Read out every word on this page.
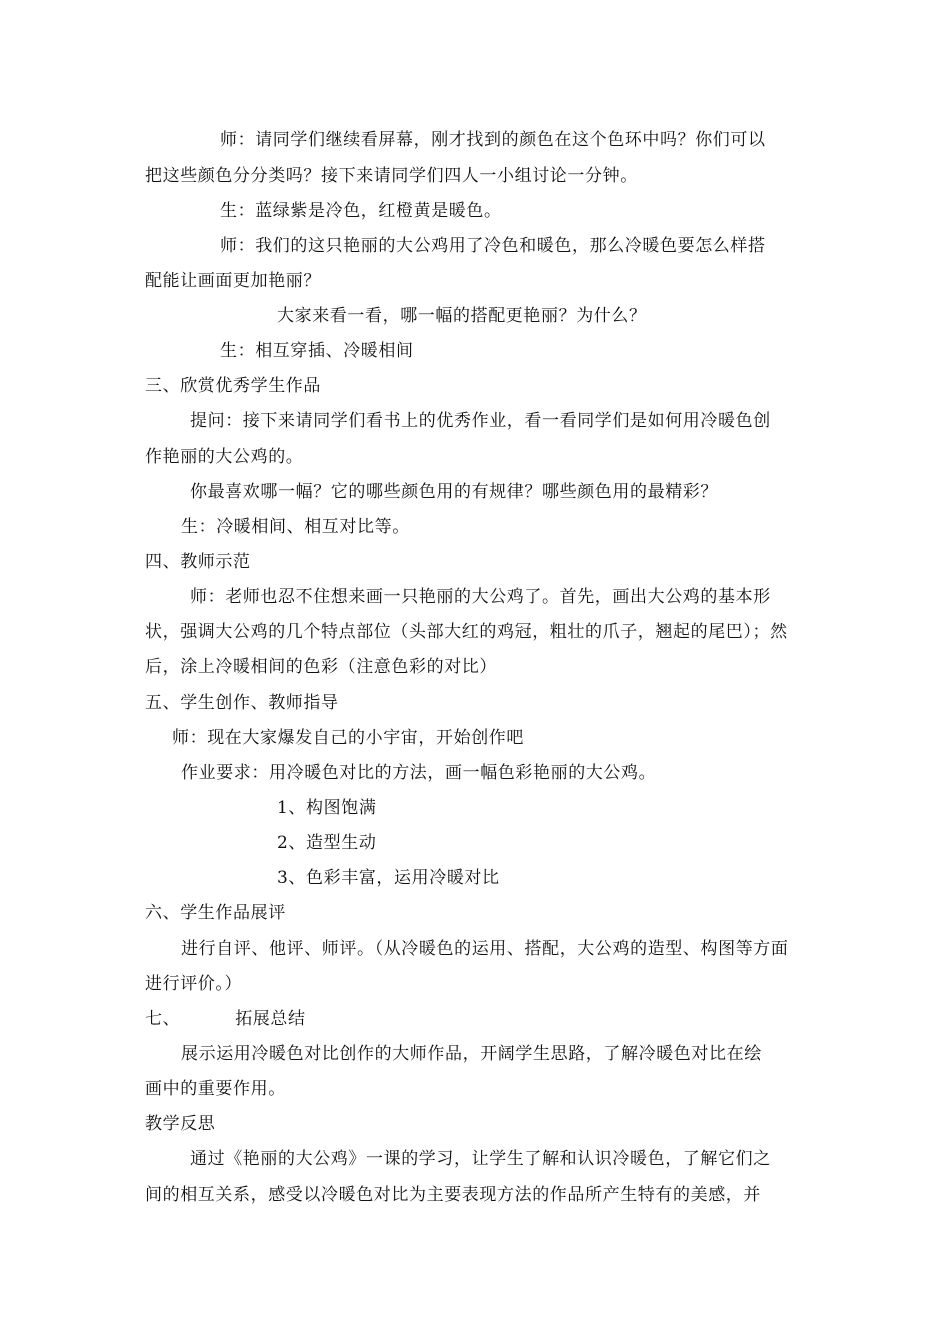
师：请同学们继续看屏幕，刚才找到的颜色在这个色环中吗？你们可以
把这些颜色分分类吗？接下来请同学们四人一小组讨论一分钟。
生：蓝绿紫是冷色，红橙黄是暖色。
师：我们的这只艳丽的大公鸡用了冷色和暖色，那么冷暖色要怎么样搭
配能让画面更加艳丽？
大家来看一看，哪一幅的搭配更艳丽？为什么？
生：相互穿插、冷暖相间
三、欣赏优秀学生作品
提问：接下来请同学们看书上的优秀作业，看一看同学们是如何用冷暖色创
作艳丽的大公鸡的。
你最喜欢哪一幅？它的哪些颜色用的有规律？哪些颜色用的最精彩？
生：冷暖相间、相互对比等。
四、教师示范
师：老师也忍不住想来画一只艳丽的大公鸡了。首先，画出大公鸡的基本形
状，强调大公鸡的几个特点部位（头部大红的鸡冠，粗壮的爪子，翘起的尾巴）；然
后，涂上冷暖相间的色彩（注意色彩的对比）
五、学生创作、教师指导
师：现在大家爆发自己的小宇宙，开始创作吧
作业要求：用冷暖色对比的方法，画一幅色彩艳丽的大公鸡。
1、构图饱满
2、造型生动
3、色彩丰富，运用冷暖对比
六、学生作品展评
进行自评、他评、师评。（从冷暖色的运用、搭配，大公鸡的造型、构图等方面
进行评价。）
七、	拓展总结
展示运用冷暖色对比创作的大师作品，开阔学生思路，了解冷暖色对比在绘
画中的重要作用。
教学反思
通过《艳丽的大公鸡》一课的学习，让学生了解和认识冷暖色，了解它们之
间的相互关系，感受以冷暖色对比为主要表现方法的作品所产生特有的美感，并
